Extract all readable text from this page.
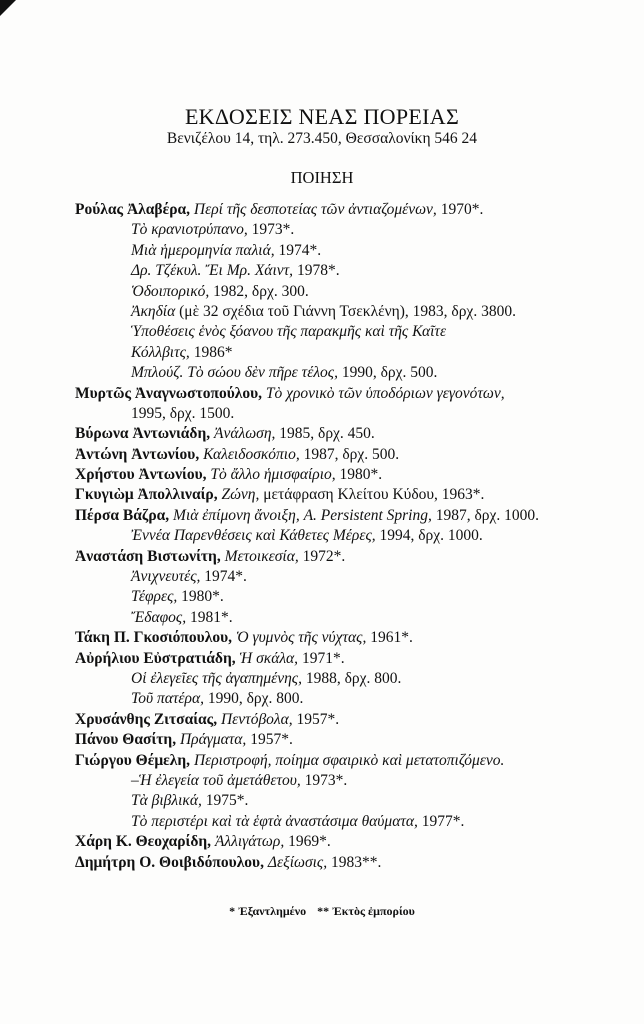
ΕΚΔΟΣΕΙΣ ΝΕΑΣ ΠΟΡΕΙΑΣ
Βενιζέλου 14, τηλ. 273.450, Θεσσαλονίκη 546 24
ΠΟΙΗΣΗ
Ρούλας Ἀλαβέρα, Περί τῆς δεσποτείας τῶν ἀντιαζομένων, 1970*.
Τὸ κρανιοτρύπανο, 1973*.
Μιὰ ἡμερομηνία παλιά, 1974*.
Δρ. Τζέκυλ. Ἔι Μρ. Χάιντ, 1978*.
Ὁδοιπορικό, 1982, δρχ. 300.
Ἀκηδία (μὲ 32 σχέδια τοῦ Γιάννη Τσεκλένη), 1983, δρχ. 3800.
Ὑποθέσεις ἑνὸς ξόανου τῆς παρακμῆς καὶ τῆς Καῖτε
Κόλλβιτς, 1986*
Μπλούζ. Τὸ σώου δὲν πῆρε τέλος, 1990, δρχ. 500.
Μυρτῶς Ἀναγνωστοπούλου, Τὸ χρονικὸ τῶν ὑποδόριων γεγονότων,
1995, δρχ. 1500.
Βύρωνα Ἀντωνιάδη, Ἀνάλωση, 1985, δρχ. 450.
Ἀντώνη Ἀντωνίου, Καλειδοσκόπιο, 1987, δρχ. 500.
Χρήστου Ἀντωνίου, Τὸ ἄλλο ἡμισφαίριο, 1980*.
Γκυγιὼμ Ἀπολλιναίρ, Ζώνη, μετάφραση Κλείτου Κύδου, 1963*.
Πέρσα Βάζρα, Μιὰ ἐπίμονη ἄνοιξη, A. Persistent Spring, 1987, δρχ. 1000.
Ἐννέα Παρενθέσεις καὶ Κάθετες Μέρες, 1994, δρχ. 1000.
Ἀναστάση Βιστωνίτη, Μετοικεσία, 1972*.
Ἀνιχνευτές, 1974*.
Τέφρες, 1980*.
Ἔδαφος, 1981*.
Τάκη Π. Γκοσιόπουλου, Ὁ γυμνὸς τῆς νύχτας, 1961*.
Αὐρήλιου Εὐστρατιάδη, Ἡ σκάλα, 1971*.
Οἱ ἐλεγεῖες τῆς ἀγαπημένης, 1988, δρχ. 800.
Τοῦ πατέρα, 1990, δρχ. 800.
Χρυσάνθης Ζιτσαίας, Πεντόβολα, 1957*.
Πάνου Θασίτη, Πράγματα, 1957*.
Γιώργου Θέμελη, Περιστροφή, ποίημα σφαιρικὸ καὶ μετατοπιζόμενο.
–Ἡ ἐλεγεία τοῦ ἀμετάθετου, 1973*.
Τὰ βιβλικά, 1975*.
Τὸ περιστέρι καὶ τὰ ἑφτὰ ἀναστάσιμα θαύματα, 1977*.
Χάρη Κ. Θεοχαρίδη, Ἀλλιγάτωρ, 1969*.
Δημήτρη Ο. Θοιβιδόπουλου, Δεξίωσις, 1983**.
* Ἐξαντλημένο ** Ἐκτὸς ἐμπορίου
